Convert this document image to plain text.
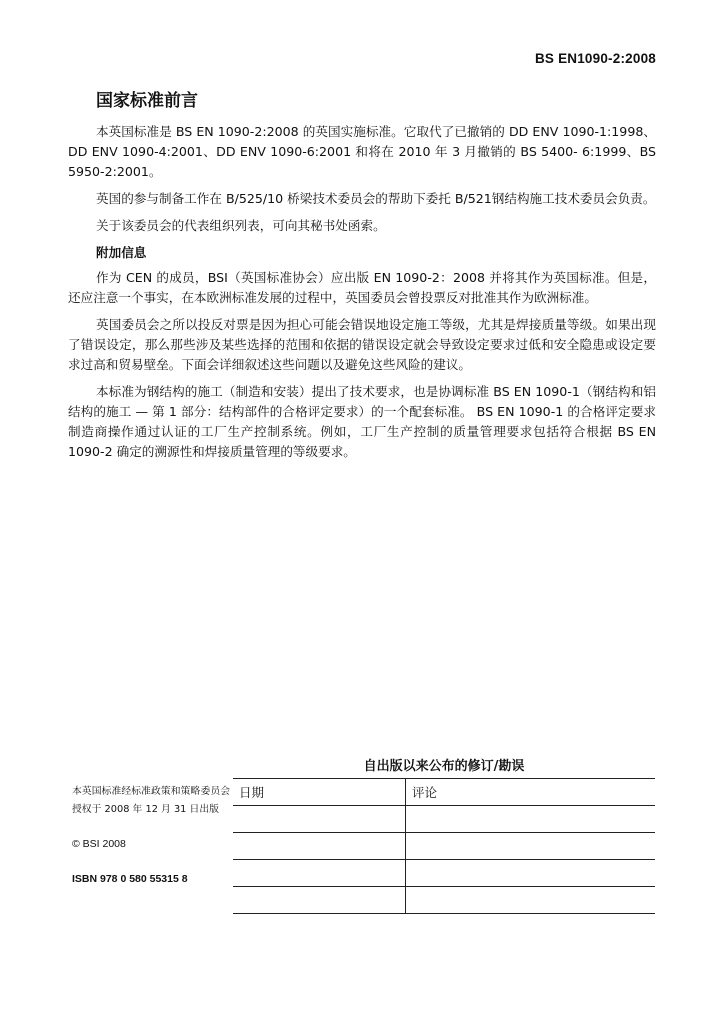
BS EN1090-2:2008
国家标准前言

本英国标准是 BS EN 1090-2:2008 的英国实施标准。它取代了已撤销的 DD ENV 1090-1:1998、DD ENV 1090-4:2001、DD ENV 1090-6:2001 和将在 2010 年 3 月撤销的 BS 5400- 6:1999、BS 5950-2:2001。

英国的参与制备工作在 B/525/10 桥梁技术委员会的帮助下委托 B/521钢结构施工技术委员会负责。

关于该委员会的代表组织列表，可向其秘书处函索。

附加信息

作为 CEN 的成员，BSI（英国标准协会）应出版 EN 1090-2：2008 并将其作为英国标准。但是，还应注意一个事实，在本欧洲标准发展的过程中，英国委员会曾投票反对批准其作为欧洲标准。

英国委员会之所以投反对票是因为担心可能会错误地设定施工等级，尤其是焊接质量等级。如果出现了错误设定，那么那些涉及某些选择的范围和依据的错误设定就会导致设定要求过低和安全隐患或设定要求过高和贸易壁垒。下面会详细叙述这些问题以及避免这些风险的建议。

本标准为钢结构的施工（制造和安装）提出了技术要求，也是协调标准 BS EN 1090-1（钢结构和铝结构的施工 — 第 1 部分：结构部件的合格评定要求）的一个配套标准。 BS EN 1090-1 的合格评定要求制造商操作通过认证的工厂生产控制系统。例如，工厂生产控制的质量管理要求包括符合根据 BS EN 1090-2 确定的溯源性和焊接质量管理的等级要求。

自出版以来公布的修订/勘误

本英国标准经标准政策和策略委员会授权于 2008 年 12 月 31 日出版

© BSI 2008
ISBN 978 0 580 55315 8
日期	评论
